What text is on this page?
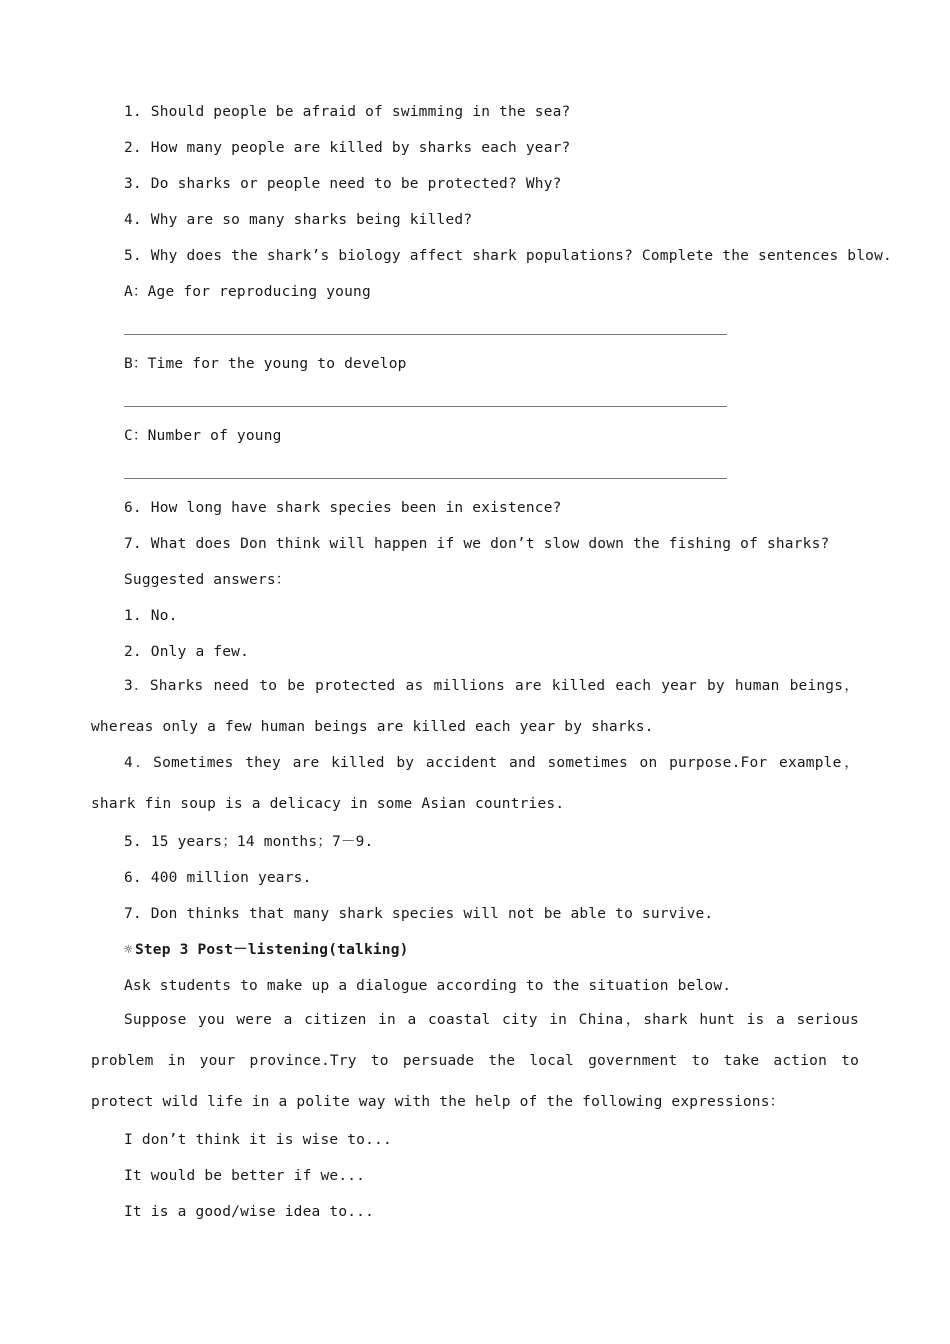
1. Should people be afraid of swimming in the sea?
2. How many people are killed by sharks each year?
3. Do sharks or people need to be protected? Why?
4. Why are so many sharks being killed?
5. Why does the shark’s biology affect shark populations? Complete the sentences blow.
A：Age for reproducing young
B：Time for the young to develop
C：Number of young
6. How long have shark species been in existence?
7. What does Don think will happen if we don’t slow down the fishing of sharks?
Suggested answers：
1. No.
2. Only a few.
3．Sharks need to be protected as millions are killed each year by human beings，whereas only a few human beings are killed each year by sharks.
4．Sometimes they are killed by accident and sometimes on purpose.For example，shark fin soup is a delicacy in some Asian countries.
5. 15 years；14 months；7－9.
6. 400 million years.
7. Don thinks that many shark species will not be able to survive.
☼ Step 3 Post－listening(talking)
Ask students to make up a dialogue according to the situation below.
Suppose you were a citizen in a coastal city in China，shark hunt is a serious problem in your province.Try to persuade the local government to take action to protect wild life in a polite way with the help of the following expressions：
I don’t think it is wise to...
It would be better if we...
It is a good/wise idea to...
